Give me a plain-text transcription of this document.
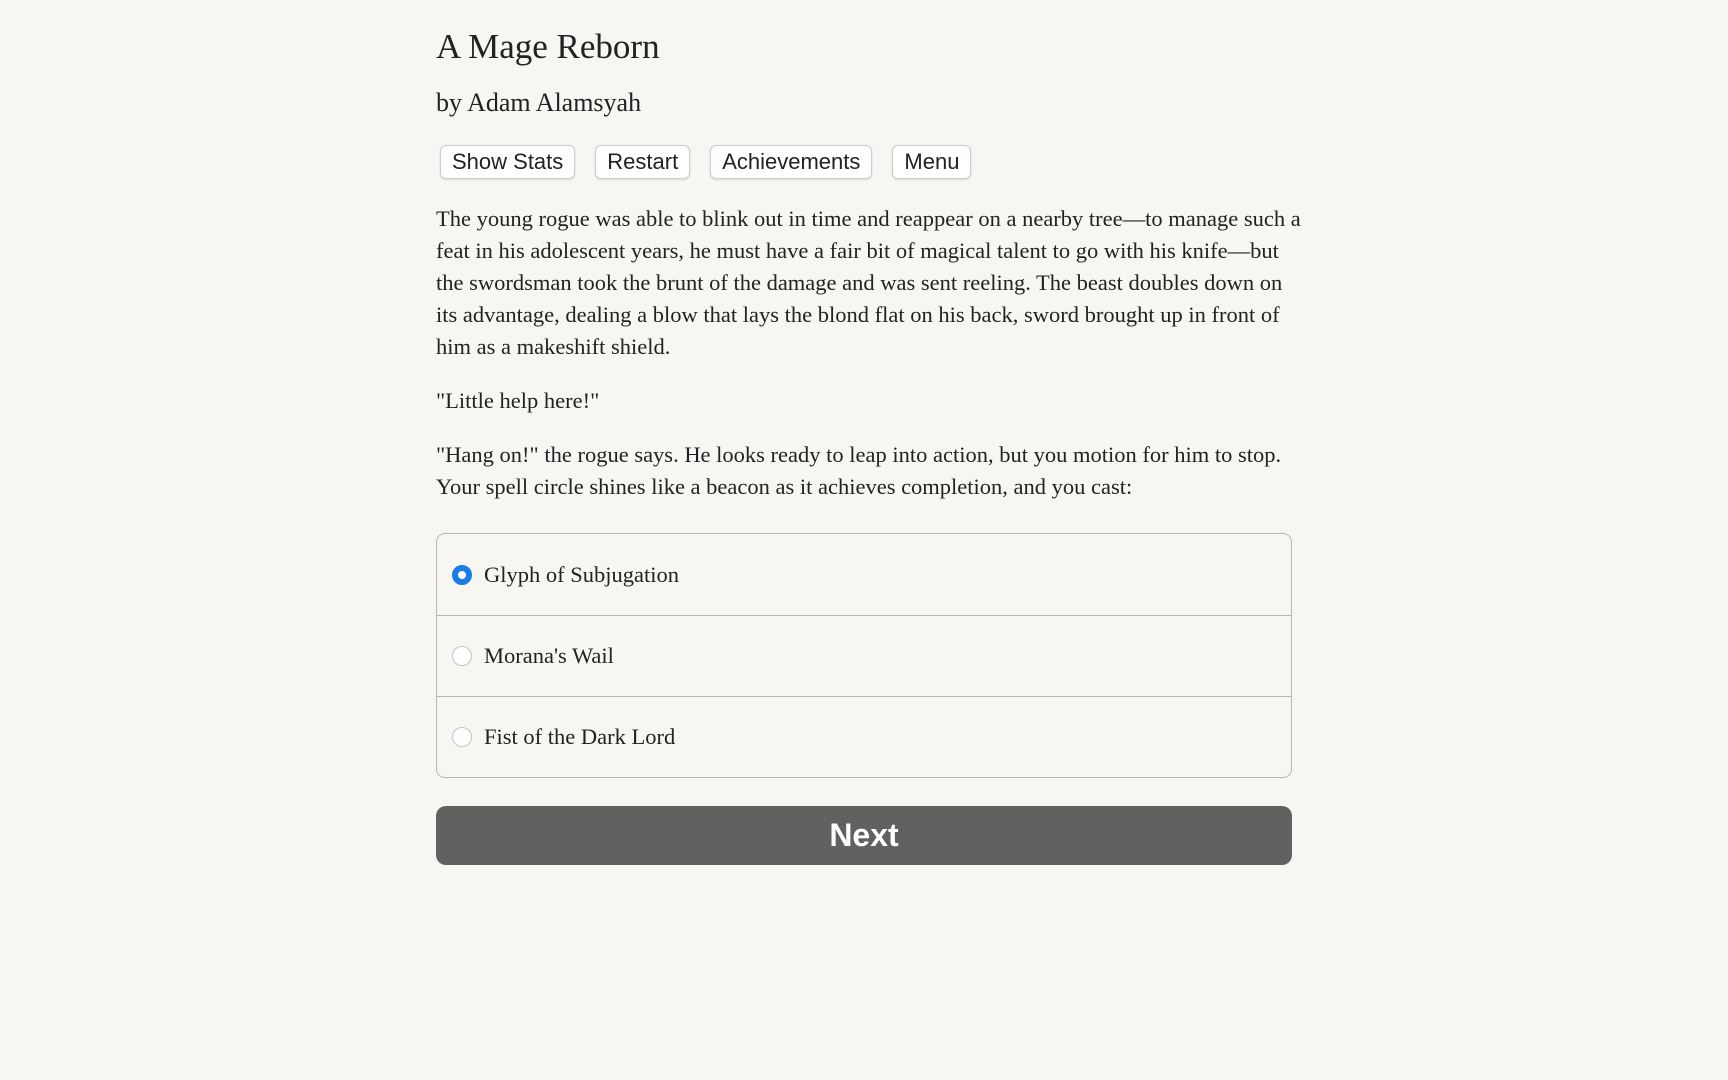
A Mage Reborn
by Adam Alamsyah
Show Stats	Restart	Achievements	Menu

The young rogue was able to blink out in time and reappear on a nearby tree—to manage such a feat in his adolescent years, he must have a fair bit of magical talent to go with his knife—but the swordsman took the brunt of the damage and was sent reeling. The beast doubles down on its advantage, dealing a blow that lays the blond flat on his back, sword brought up in front of him as a makeshift shield.

"Little help here!"

"Hang on!" the rogue says. He looks ready to leap into action, but you motion for him to stop. Your spell circle shines like a beacon as it achieves completion, and you cast:

Glyph of Subjugation
Morana's Wail
Fist of the Dark Lord
Next
